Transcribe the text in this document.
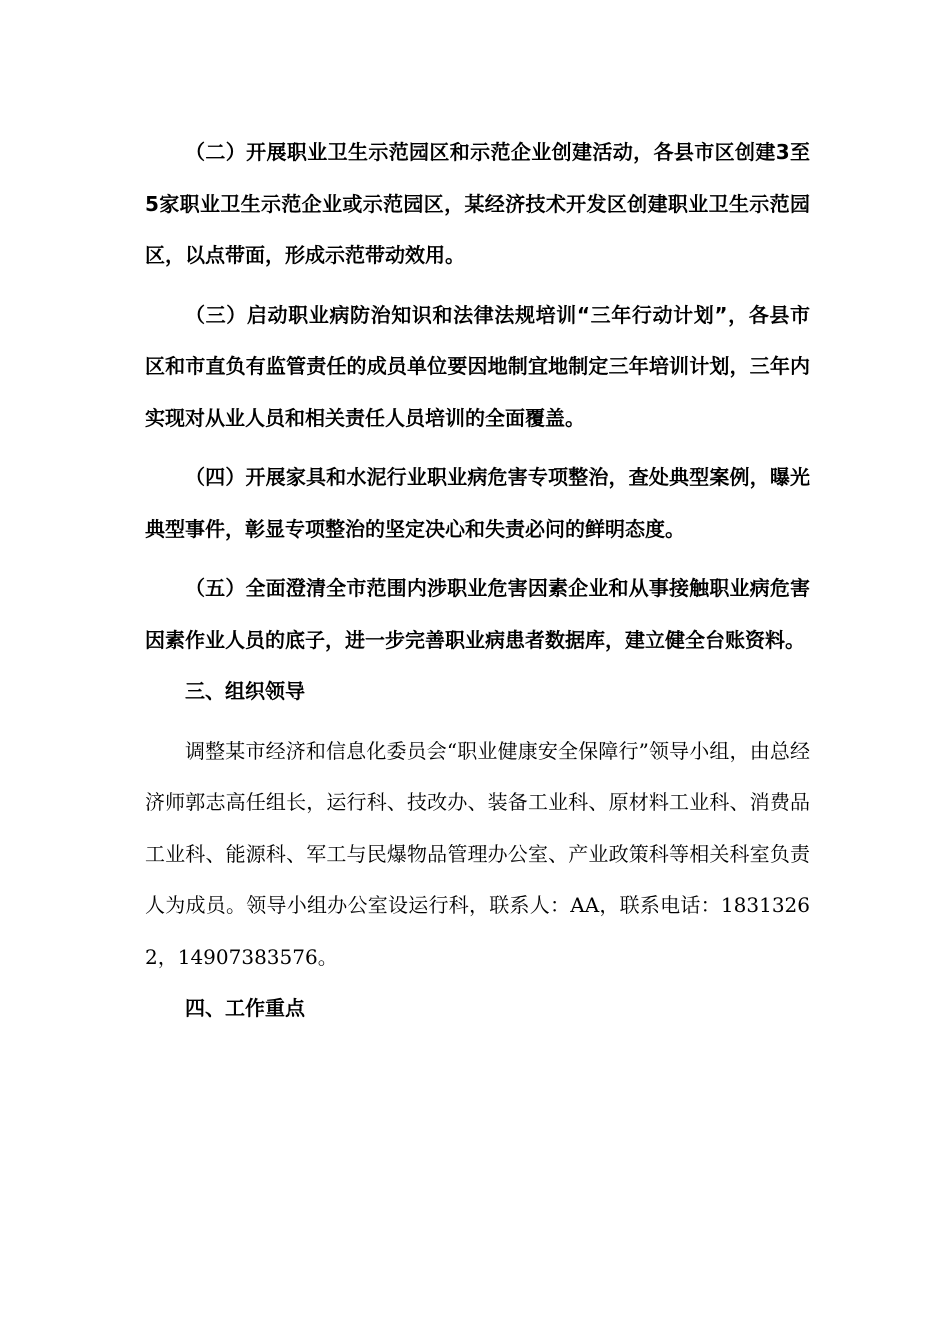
（二）开展职业卫生示范园区和示范企业创建活动，各县市区创建3至5家职业卫生示范企业或示范园区，某经济技术开发区创建职业卫生示范园区，以点带面，形成示范带动效用。

（三）启动职业病防治知识和法律法规培训“三年行动计划”，各县市区和市直负有监管责任的成员单位要因地制宜地制定三年培训计划，三年内实现对从业人员和相关责任人员培训的全面覆盖。

（四）开展家具和水泥行业职业病危害专项整治，查处典型案例，曝光典型事件，彰显专项整治的坚定决心和失责必问的鲜明态度。

（五）全面澄清全市范围内涉职业危害因素企业和从事接触职业病危害因素作业人员的底子，进一步完善职业病患者数据库，建立健全台账资料。

三、组织领导

调整某市经济和信息化委员会“职业健康安全保障行”领导小组，由总经济师郭志高任组长，运行科、技改办、装备工业科、原材料工业科、消费品工业科、能源科、军工与民爆物品管理办公室、产业政策科等相关科室负责人为成员。领导小组办公室设运行科，联系人：AA，联系电话：18313262，14907383576。

四、工作重点
